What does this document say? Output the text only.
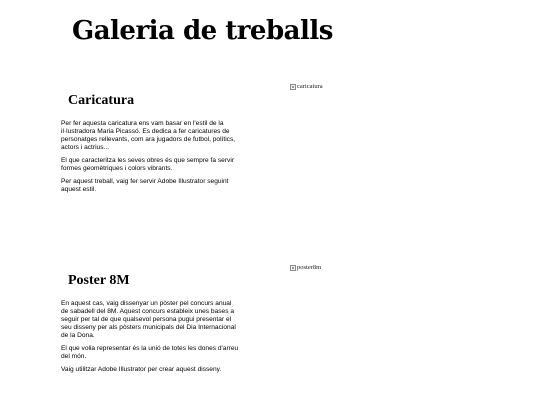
Galeria de treballs
caricatura
Caricatura

Per fer aquesta caricatura ens vam basar en l'estil de la il·lustradora Maria Picassó. Es dedica a fer caricatures de personatges rellevants, com ara jugadors de futbol, polítics, actors i actrius...

El que caracteritza les seves obres és que sempre fa servir formes geomètriques i colors vibrants.

Per aquest treball, vaig fer servir Adobe Illustrator seguint aquest estil.

poster8m
Poster 8M

En aquest cas, vaig dissenyar un pòster pel concurs anual de sabadell del 8M. Aquest concurs estableix unes bases a seguir per tal de que qualsevol persona pugui presentar el seu disseny per als pòsters municipals del Dia Internacional de la Dona.

El que volia representar és la unió de totes les dones d'arreu del món.

Vaig utilitzar Adobe Illustrator per crear aquest disseny.
